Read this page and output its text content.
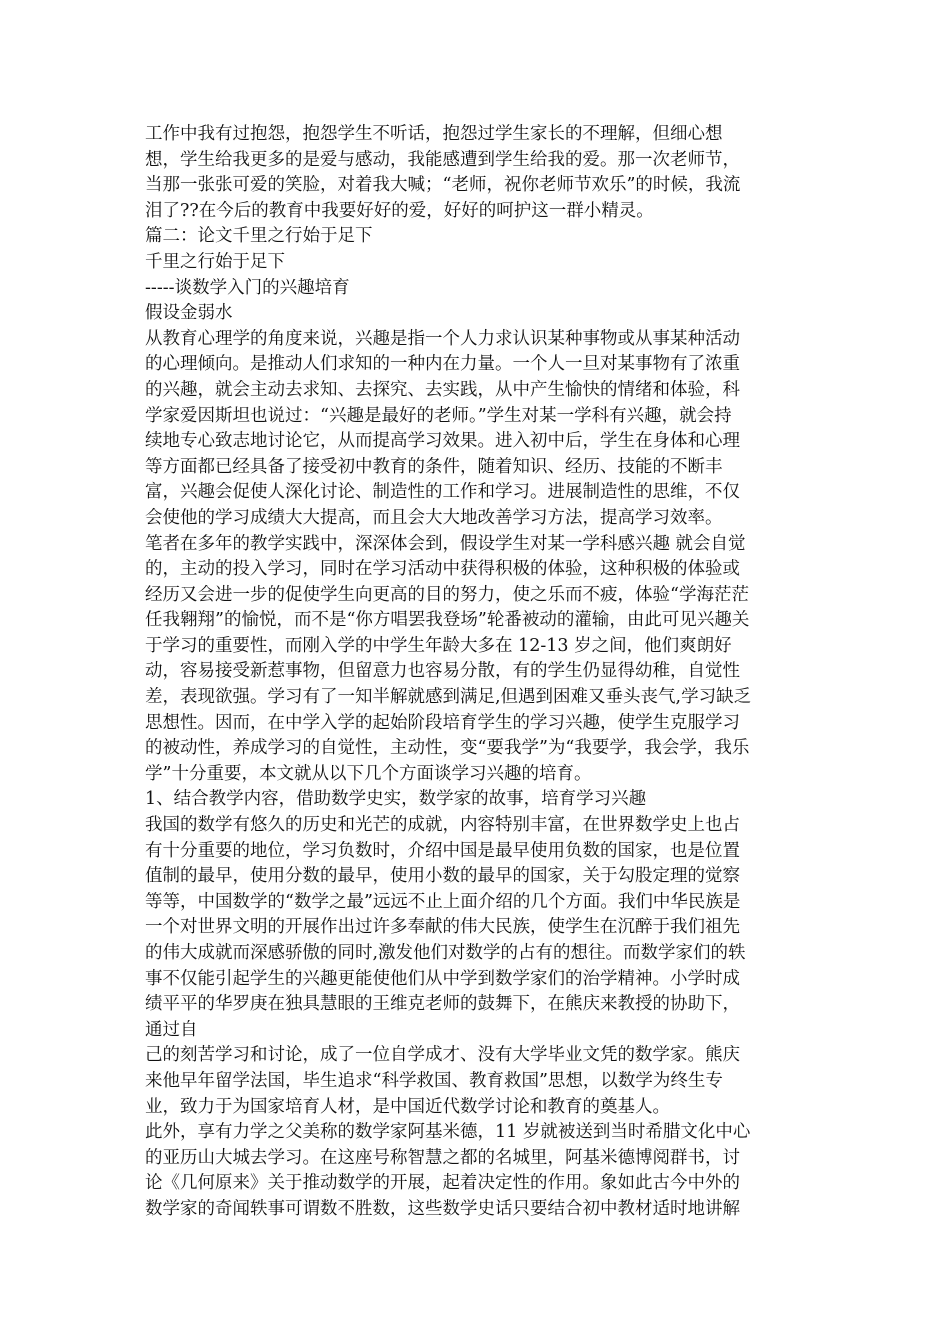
工作中我有过抱怨，抱怨学生不听话，抱怨过学生家长的不理解，但细心想
想，学生给我更多的是爱与感动，我能感遭到学生给我的爱。那一次老师节，
当那一张张可爱的笑脸，对着我大喊；“老师，祝你老师节欢乐”的时候，我流
泪了??在今后的教育中我要好好的爱，好好的呵护这一群小精灵。
篇二：论文千里之行始于足下
千里之行始于足下
-----谈数学入门的兴趣培育
假设金弱水
从教育心理学的角度来说，兴趣是指一个人力求认识某种事物或从事某种活动
的心理倾向。是推动人们求知的一种内在力量。一个人一旦对某事物有了浓重
的兴趣，就会主动去求知、去探究、去实践，从中产生愉快的情绪和体验，科
学家爱因斯坦也说过：“兴趣是最好的老师。”学生对某一学科有兴趣，就会持
续地专心致志地讨论它，从而提高学习效果。进入初中后，学生在身体和心理
等方面都已经具备了接受初中教育的条件，随着知识、经历、技能的不断丰
富，兴趣会促使人深化讨论、制造性的工作和学习。进展制造性的思维，不仅
会使他的学习成绩大大提高，而且会大大地改善学习方法，提高学习效率。
笔者在多年的教学实践中，深深体会到，假设学生对某一学科感兴趣 就会自觉
的，主动的投入学习，同时在学习活动中获得积极的体验，这种积极的体验或
经历又会进一步的促使学生向更高的目的努力，使之乐而不疲，体验“学海茫茫
任我翱翔”的愉悦，而不是“你方唱罢我登场”轮番被动的灌输，由此可见兴趣关
于学习的重要性，而刚入学的中学生年龄大多在 12-13 岁之间，他们爽朗好
动，容易接受新惹事物，但留意力也容易分散，有的学生仍显得幼稚，自觉性
差，表现欲强。学习有了一知半解就感到满足,但遇到困难又垂头丧气,学习缺乏
思想性。因而，在中学入学的起始阶段培育学生的学习兴趣，使学生克服学习
的被动性，养成学习的自觉性，主动性，变“要我学”为“我要学，我会学，我乐
学”十分重要，本文就从以下几个方面谈学习兴趣的培育。
1、结合教学内容，借助数学史实，数学家的故事，培育学习兴趣
我国的数学有悠久的历史和光芒的成就，内容特别丰富，在世界数学史上也占
有十分重要的地位，学习负数时，介绍中国是最早使用负数的国家，也是位置
值制的最早，使用分数的最早，使用小数的最早的国家，关于勾股定理的觉察
等等，中国数学的“数学之最”远远不止上面介绍的几个方面。我们中华民族是
一个对世界文明的开展作出过许多奉献的伟大民族，使学生在沉醉于我们祖先
的伟大成就而深感骄傲的同时,激发他们对数学的占有的想往。而数学家们的轶
事不仅能引起学生的兴趣更能使他们从中学到数学家们的治学精神。小学时成
绩平平的华罗庚在独具慧眼的王维克老师的鼓舞下，在熊庆来教授的协助下，
通过自
己的刻苦学习和讨论，成了一位自学成才、没有大学毕业文凭的数学家。熊庆
来他早年留学法国，毕生追求“科学救国、教育救国”思想，以数学为终生专
业，致力于为国家培育人材，是中国近代数学讨论和教育的奠基人。
此外，享有力学之父美称的数学家阿基米德，11 岁就被送到当时希腊文化中心
的亚历山大城去学习。在这座号称智慧之都的名城里，阿基米德博阅群书，讨
论《几何原来》关于推动数学的开展，起着决定性的作用。象如此古今中外的
数学家的奇闻轶事可谓数不胜数，这些数学史话只要结合初中教材适时地讲解
